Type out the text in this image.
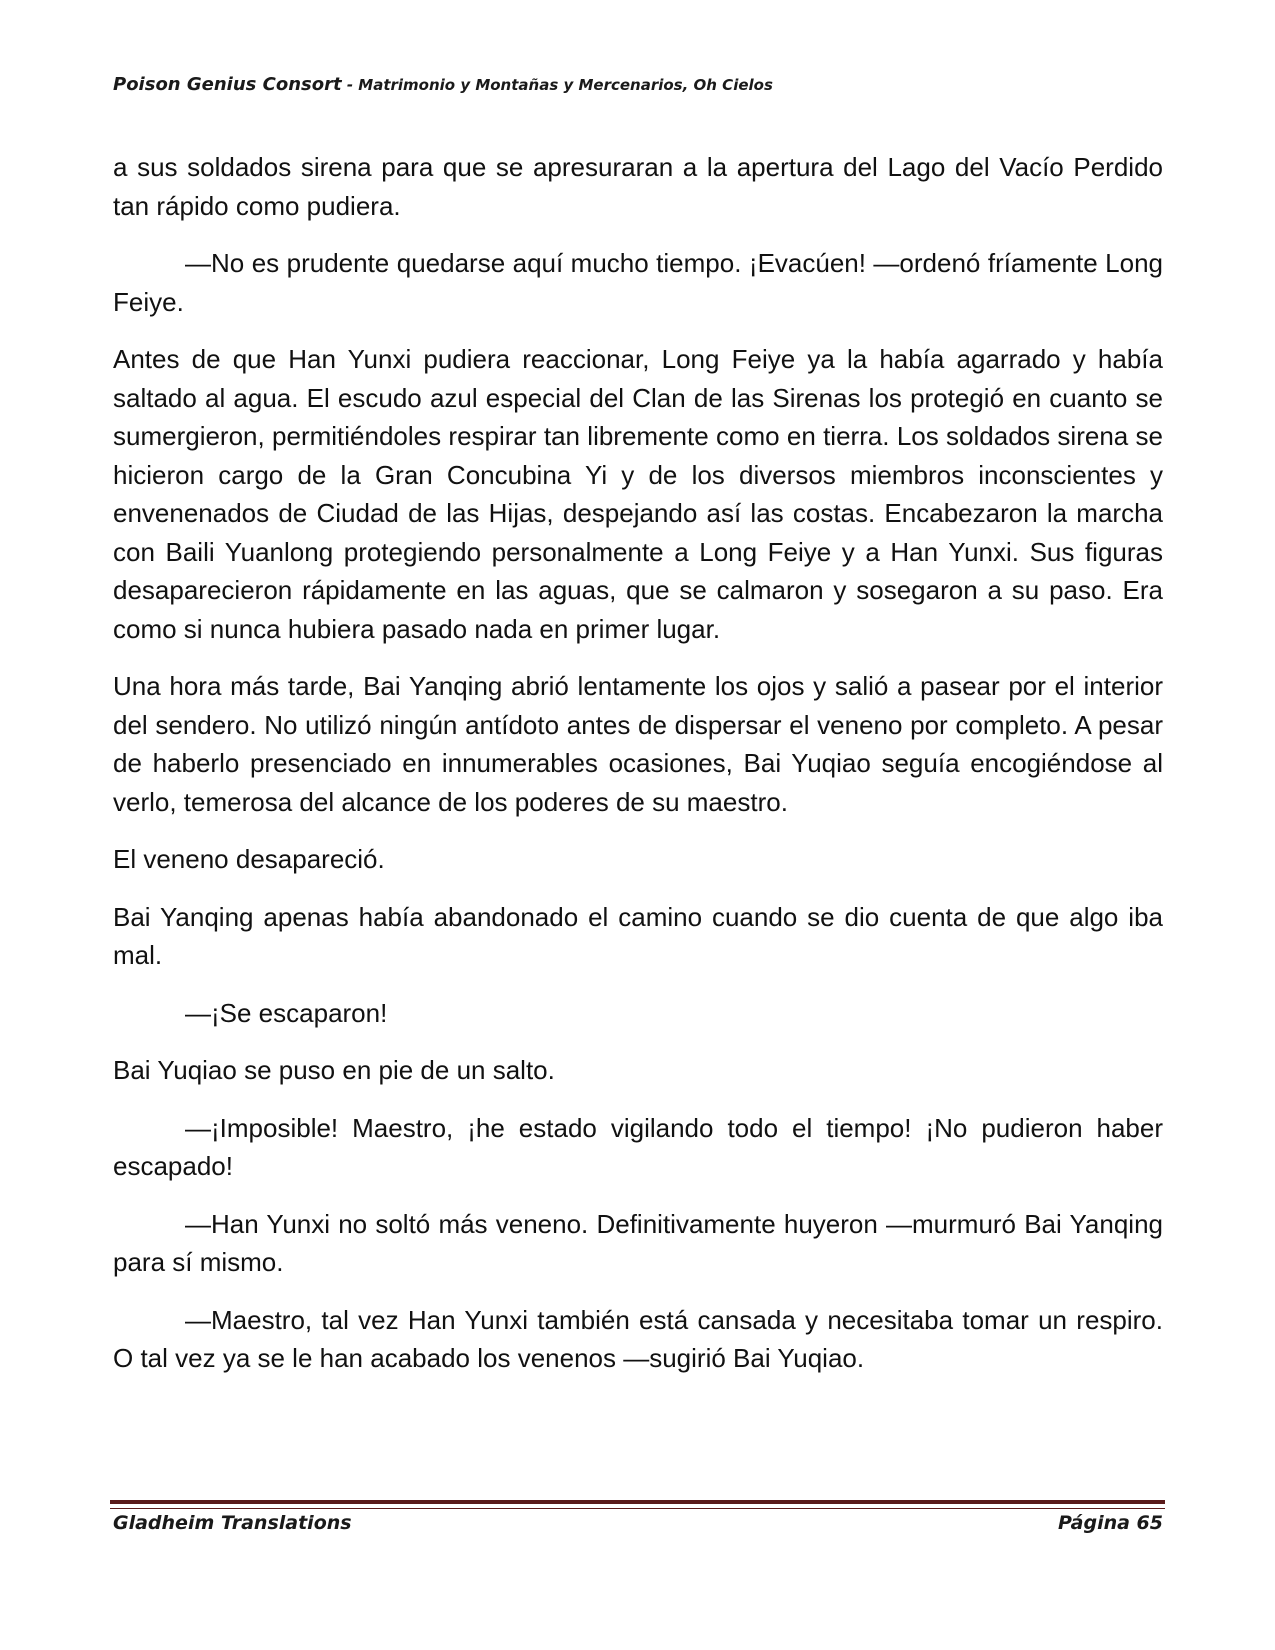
Poison Genius Consort - Matrimonio y Montañas y Mercenarios, Oh Cielos

a sus soldados sirena para que se apresuraran a la apertura del Lago del Vacío Perdido tan rápido como pudiera.

—No es prudente quedarse aquí mucho tiempo. ¡Evacúen! —ordenó fríamente Long Feiye.

Antes de que Han Yunxi pudiera reaccionar, Long Feiye ya la había agarrado y había saltado al agua. El escudo azul especial del Clan de las Sirenas los protegió en cuanto se sumergieron, permitiéndoles respirar tan libremente como en tierra. Los soldados sirena se hicieron cargo de la Gran Concubina Yi y de los diversos miembros inconscientes y envenenados de Ciudad de las Hijas, despejando así las costas. Encabezaron la marcha con Baili Yuanlong protegiendo personalmente a Long Feiye y a Han Yunxi. Sus figuras desaparecieron rápidamente en las aguas, que se calmaron y sosegaron a su paso. Era como si nunca hubiera pasado nada en primer lugar.

Una hora más tarde, Bai Yanqing abrió lentamente los ojos y salió a pasear por el interior del sendero. No utilizó ningún antídoto antes de dispersar el veneno por completo. A pesar de haberlo presenciado en innumerables ocasiones, Bai Yuqiao seguía encogiéndose al verlo, temerosa del alcance de los poderes de su maestro.

El veneno desapareció.

Bai Yanqing apenas había abandonado el camino cuando se dio cuenta de que algo iba mal.

—¡Se escaparon!

Bai Yuqiao se puso en pie de un salto.

—¡Imposible! Maestro, ¡he estado vigilando todo el tiempo! ¡No pudieron haber escapado!

—Han Yunxi no soltó más veneno. Definitivamente huyeron —murmuró Bai Yanqing para sí mismo.

—Maestro, tal vez Han Yunxi también está cansada y necesitaba tomar un respiro. O tal vez ya se le han acabado los venenos —sugirió Bai Yuqiao.

Gladheim Translations	Página 65
